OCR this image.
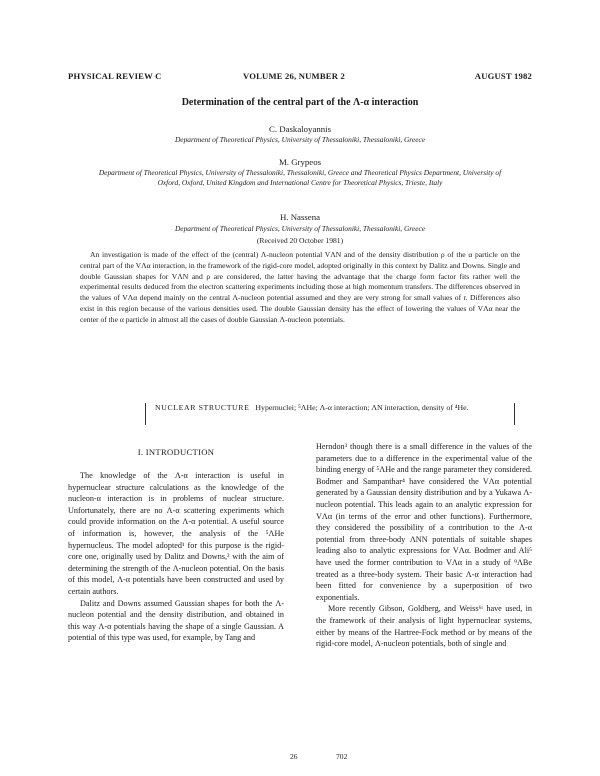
PHYSICAL REVIEW C	VOLUME 26, NUMBER 2	AUGUST 1982
Determination of the central part of the Λ-α interaction
C. Daskaloyannis
Department of Theoretical Physics, University of Thessaloniki, Thessaloniki, Greece
M. Grypeos
Department of Theoretical Physics, University of Thessaloniki, Thessaloniki, Greece and Theoretical Physics Department, University of Oxford, Oxford, United Kingdom and International Centre for Theoretical Physics, Trieste, Italy
H. Nassena
Department of Theoretical Physics, University of Thessaloniki, Thessaloniki, Greece
(Received 20 October 1981)
An investigation is made of the effect of the (central) Λ-nucleon potential VΛN and of the density distribution ρ of the α particle on the central part of the VΛα interaction, in the framework of the rigid-core model, adopted originally in this context by Dalitz and Downs. Single and double Gaussian shapes for VΛN and ρ are considered, the latter having the advantage that the charge form factor fits rather well the experimental results deduced from the electron scattering experiments including those at high momentum transfers. The differences observed in the values of VΛα depend mainly on the central Λ-nucleon potential assumed and they are very strong for small values of r. Differences also exist in this region because of the various densities used. The double Gaussian density has the effect of lowering the values of VΛα near the center of the α particle in almost all the cases of double Gaussian Λ-nucleon potentials.
NUCLEAR STRUCTURE Hypernuclei; ⁵ΛHe; Λ-α interaction; ΛN interaction, density of ⁴He.
I. INTRODUCTION

The knowledge of the Λ-α interaction is useful in hypernuclear structure calculations as the knowledge of the nucleon-α interaction is in problems of nuclear structure. Unfortunately, there are no Λ-α scattering experiments which could provide information on the Λ-α potential. A useful source of information is, however, the analysis of the ⁵ΛHe hypernucleus. The model adopted¹ for this purpose is the rigid-core one, originally used by Dalitz and Downs,² with the aim of determining the strength of the Λ-nucleon potential. On the basis of this model, Λ-α potentials have been constructed and used by certain authors.

Dalitz and Downs assumed Gaussian shapes for both the Λ-nucleon potential and the density distribution, and obtained in this way Λ-α potentials having the shape of a single Gaussian. A potential of this type was used, for example, by Tang and

Herndon³ though there is a small difference in the values of the parameters due to a difference in the experimental value of the binding energy of ⁵ΛHe and the range parameter they considered. Bodmer and Sampanthar⁴ have considered the VΛα potential generated by a Gaussian density distribution and by a Yukawa Λ-nucleon potential. This leads again to an analytic expression for VΛα (in terms of the error and other functions). Furthermore, they considered the possibility of a contribution to the Λ-α potential from three-body ΛNN potentials of suitable shapes leading also to analytic expressions for VΛα. Bodmer and Ali⁵ have used the former contribution to VΛα in a study of ⁹ΛBe treated as a three-body system. Their basic Λ-α interaction had been fitted for convenience by a superposition of two exponentials.

More recently Gibson, Goldberg, and Weiss⁶ᵗ have used, in the framework of their analysis of light hypernuclear systems, either by means of the Hartree-Fock method or by means of the rigid-core model, Λ-nucleon potentials, both of single and

26	702
